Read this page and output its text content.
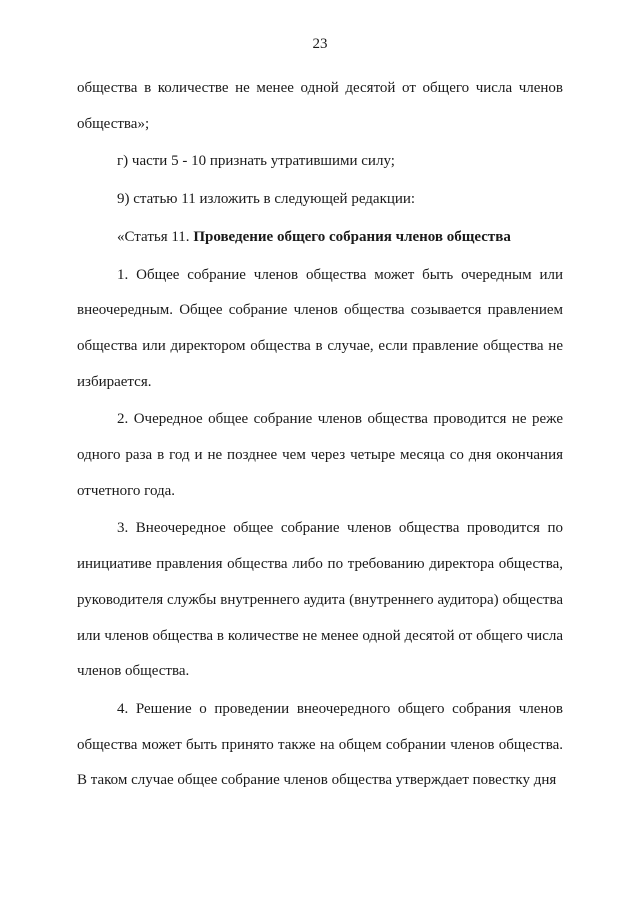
23

общества в количестве не менее одной десятой от общего числа членов общества»;

г) части 5 - 10 признать утратившими силу;

9) статью 11 изложить в следующей редакции:

«Статья 11. Проведение общего собрания членов общества

1. Общее собрание членов общества может быть очередным или внеочередным. Общее собрание членов общества созывается правлением общества или директором общества в случае, если правление общества не избирается.

2. Очередное общее собрание членов общества проводится не реже одного раза в год и не позднее чем через четыре месяца со дня окончания отчетного года.

3. Внеочередное общее собрание членов общества проводится по инициативе правления общества либо по требованию директора общества, руководителя службы внутреннего аудита (внутреннего аудитора) общества или членов общества в количестве не менее одной десятой от общего числа членов общества.

4. Решение о проведении внеочередного общего собрания членов общества может быть принято также на общем собрании членов общества. В таком случае общее собрание членов общества утверждает повестку дня
